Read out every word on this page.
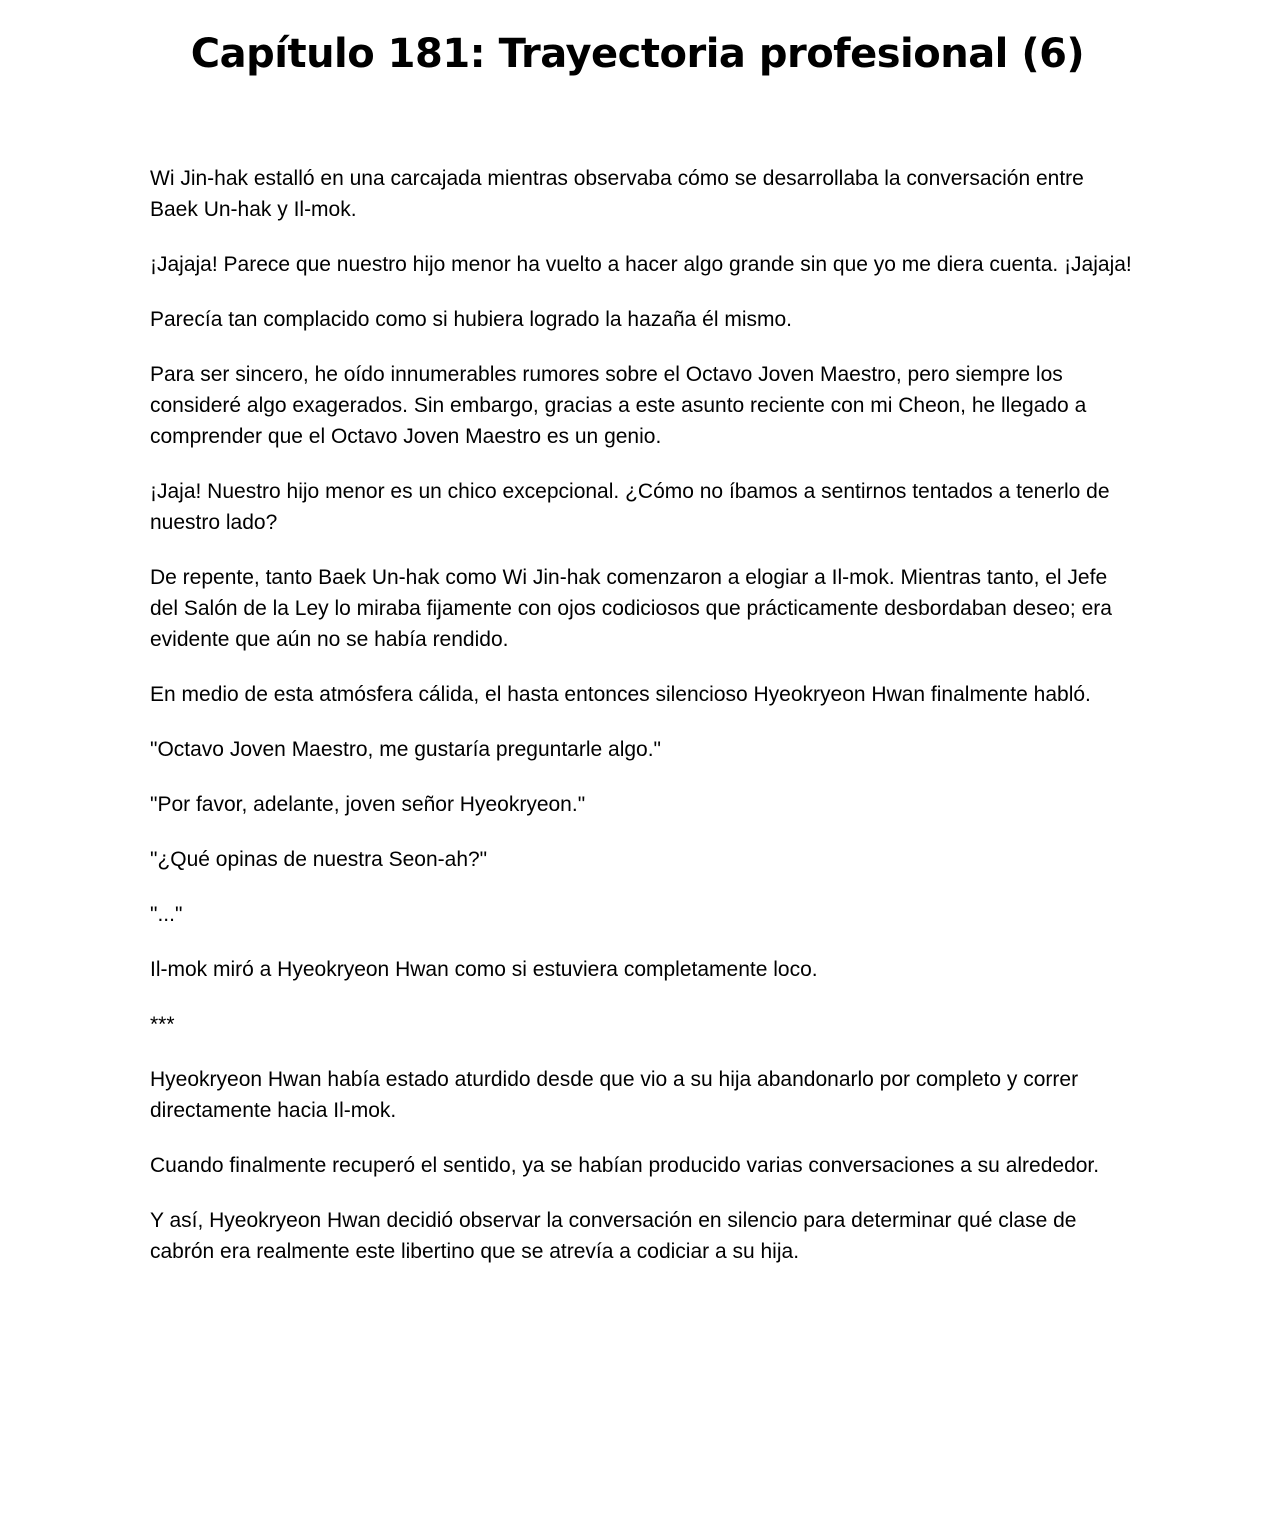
Capítulo 181: Trayectoria profesional (6)

Wi Jin-hak estalló en una carcajada mientras observaba cómo se desarrollaba la conversación entre Baek Un-hak y Il-mok.

¡Jajaja! Parece que nuestro hijo menor ha vuelto a hacer algo grande sin que yo me diera cuenta. ¡Jajaja!

Parecía tan complacido como si hubiera logrado la hazaña él mismo.

Para ser sincero, he oído innumerables rumores sobre el Octavo Joven Maestro, pero siempre los consideré algo exagerados. Sin embargo, gracias a este asunto reciente con mi Cheon, he llegado a comprender que el Octavo Joven Maestro es un genio.

¡Jaja! Nuestro hijo menor es un chico excepcional. ¿Cómo no íbamos a sentirnos tentados a tenerlo de nuestro lado?

De repente, tanto Baek Un-hak como Wi Jin-hak comenzaron a elogiar a Il-mok. Mientras tanto, el Jefe del Salón de la Ley lo miraba fijamente con ojos codiciosos que prácticamente desbordaban deseo; era evidente que aún no se había rendido.

En medio de esta atmósfera cálida, el hasta entonces silencioso Hyeokryeon Hwan finalmente habló.

"Octavo Joven Maestro, me gustaría preguntarle algo."

"Por favor, adelante, joven señor Hyeokryeon."

"¿Qué opinas de nuestra Seon-ah?"

"..."

Il-mok miró a Hyeokryeon Hwan como si estuviera completamente loco.

***

Hyeokryeon Hwan había estado aturdido desde que vio a su hija abandonarlo por completo y correr directamente hacia Il-mok.

Cuando finalmente recuperó el sentido, ya se habían producido varias conversaciones a su alrededor.

Y así, Hyeokryeon Hwan decidió observar la conversación en silencio para determinar qué clase de cabrón era realmente este libertino que se atrevía a codiciar a su hija.
